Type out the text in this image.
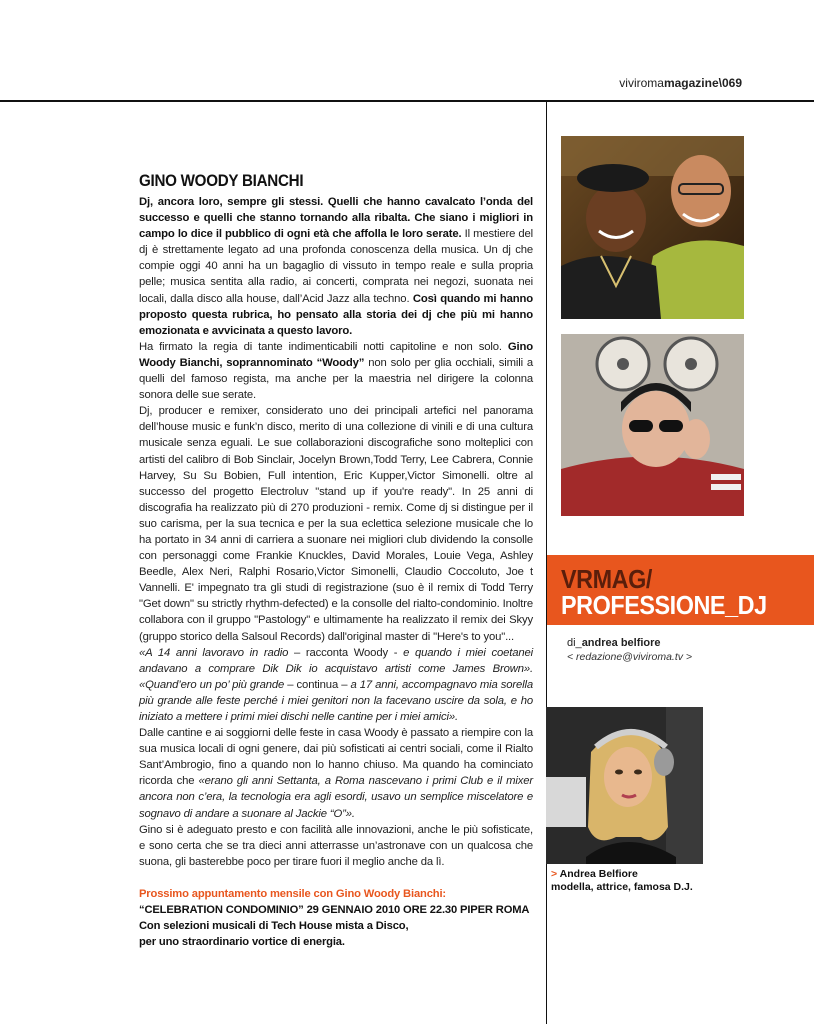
viviromamagazine\069
GINO WOODY BIANCHI

Dj, ancora loro, sempre gli stessi. Quelli che hanno cavalcato l’onda del successo e quelli che stanno tornando alla ribalta. Che siano i migliori in campo lo dice il pubblico di ogni età che affolla le loro serate. Il mestiere del dj è strettamente legato ad una profonda conoscenza della musica. Un dj che compie oggi 40 anni ha un bagaglio di vissuto in tempo reale e sulla propria pelle; musica sentita alla radio, ai concerti, comprata nei negozi, suonata nei locali, dalla disco alla house, dall’Acid Jazz alla techno. Così quando mi hanno proposto questa rubrica, ho pensato alla storia dei dj che più mi hanno emozionata e avvicinata a questo lavoro.

Ha firmato la regia di tante indimenticabili notti capitoline e non solo. Gino Woody Bianchi, soprannominato “Woody” non solo per glia occhiali, simili a quelli del famoso regista, ma anche per la maestria nel dirigere la colonna sonora delle sue serate.

Dj, producer e remixer, considerato uno dei principali artefici nel panorama dell’house music e funk’n disco, merito di una collezione di vinili e di una cultura musicale senza eguali. Le sue collaborazioni discografiche sono molteplici con artisti del calibro di Bob Sinclair, Jocelyn Brown,Todd Terry, Lee Cabrera, Connie Harvey, Su Su Bobien, Full intention, Eric Kupper,Victor Simonelli. oltre al successo del progetto Electroluv "stand up if you're ready". In 25 anni di discografia ha realizzato più di 270 produzioni - remix. Come dj si distingue per il suo carisma, per la sua tecnica e per la sua eclettica selezione musicale che lo ha portato in 34 anni di carriera a suonare nei migliori club dividendo la consolle con personaggi come Frankie Knuckles, David Morales, Louie Vega, Ashley Beedle, Alex Neri, Ralphi Rosario,Victor Simonelli, Claudio Coccoluto, Joe t Vannelli. E' impegnato tra gli studi di registrazione (suo è il remix di Todd Terry "Get down" su strictly rhythm-defected) e la consolle del rialto-condominio. Inoltre collabora con il gruppo "Pastology" e ultimamente ha realizzato il remix dei Skyy (gruppo storico della Salsoul Records) dall'original master di "Here's to you"...

«A 14 anni lavoravo in radio – racconta Woody - e quando i miei coetanei andavano a comprare Dik Dik io acquistavo artisti come James Brown». «Quand’ero un po’ più grande – continua – a 17 anni, accompagnavo mia sorella più grande alle feste perché i miei genitori non la facevano uscire da sola, e ho iniziato a mettere i primi miei dischi nelle cantine per i miei amici».

Dalle cantine e ai soggiorni delle feste in casa Woody è passato a riempire con la sua musica locali di ogni genere, dai più sofisticati ai centri sociali, come il Rialto Sant’Ambrogio, fino a quando non lo hanno chiuso. Ma quando ha cominciato ricorda che «erano gli anni Settanta, a Roma nascevano i primi Club e il mixer ancora non c’era, la tecnologia era agli esordi, usavo un semplice miscelatore e sognavo di andare a suonare al Jackie “O”».

Gino si è adeguato presto e con facilità alle innovazioni, anche le più sofisticate, e sono certa che se tra dieci anni atterrasse un’astronave con un qualcosa che suona, gli basterebbe poco per tirare fuori il meglio anche da lì.

Prossimo appuntamento mensile con Gino Woody Bianchi:
“CELEBRATION CONDOMINIO” 29 GENNAIO 2010 ORE 22.30 PIPER ROMA
Con selezioni musicali di Tech House mista a Disco,
per uno straordinario vortice di energia.
VRMAG/
PROFESSIONE_DJ
di_andrea belfiore
< redazione@viviroma.tv >
> Andrea Belfiore
modella, attrice, famosa D.J.
